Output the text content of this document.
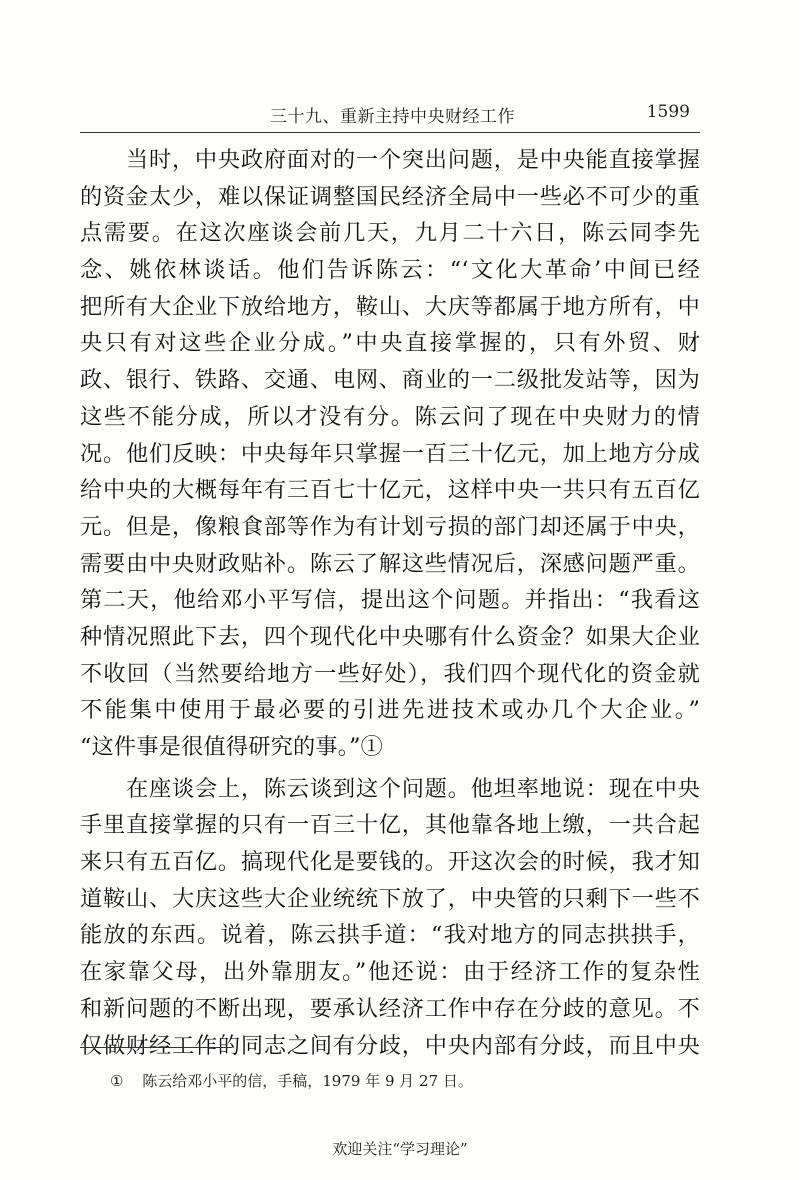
三十九、重新主持中央财经工作	1599
　　当时，中央政府面对的一个突出问题，是中央能直接掌握
的资金太少，难以保证调整国民经济全局中一些必不可少的重
点需要。在这次座谈会前几天，九月二十六日，陈云同李先
念、姚依林谈话。他们告诉陈云：“‘文化大革命’中间已经
把所有大企业下放给地方，鞍山、大庆等都属于地方所有，中
央只有对这些企业分成。”中央直接掌握的，只有外贸、财
政、银行、铁路、交通、电网、商业的一二级批发站等，因为
这些不能分成，所以才没有分。陈云问了现在中央财力的情
况。他们反映：中央每年只掌握一百三十亿元，加上地方分成
给中央的大概每年有三百七十亿元，这样中央一共只有五百亿
元。但是，像粮食部等作为有计划亏损的部门却还属于中央，
需要由中央财政贴补。陈云了解这些情况后，深感问题严重。
第二天，他给邓小平写信，提出这个问题。并指出：“我看这
种情况照此下去，四个现代化中央哪有什么资金？如果大企业
不收回（当然要给地方一些好处），我们四个现代化的资金就
不能集中使用于最必要的引进先进技术或办几个大企业。”
“这件事是很值得研究的事。”①
　　在座谈会上，陈云谈到这个问题。他坦率地说：现在中央
手里直接掌握的只有一百三十亿，其他靠各地上缴，一共合起
来只有五百亿。搞现代化是要钱的。开这次会的时候，我才知
道鞍山、大庆这些大企业统统下放了，中央管的只剩下一些不
能放的东西。说着，陈云拱手道：“我对地方的同志拱拱手，
在家靠父母，出外靠朋友。”他还说：由于经济工作的复杂性
和新问题的不断出现，要承认经济工作中存在分歧的意见。不
仅做财经工作的同志之间有分歧，中央内部有分歧，而且中央
① 陈云给邓小平的信，手稿，1979 年 9 月 27 日。
欢迎关注“学习理论”
